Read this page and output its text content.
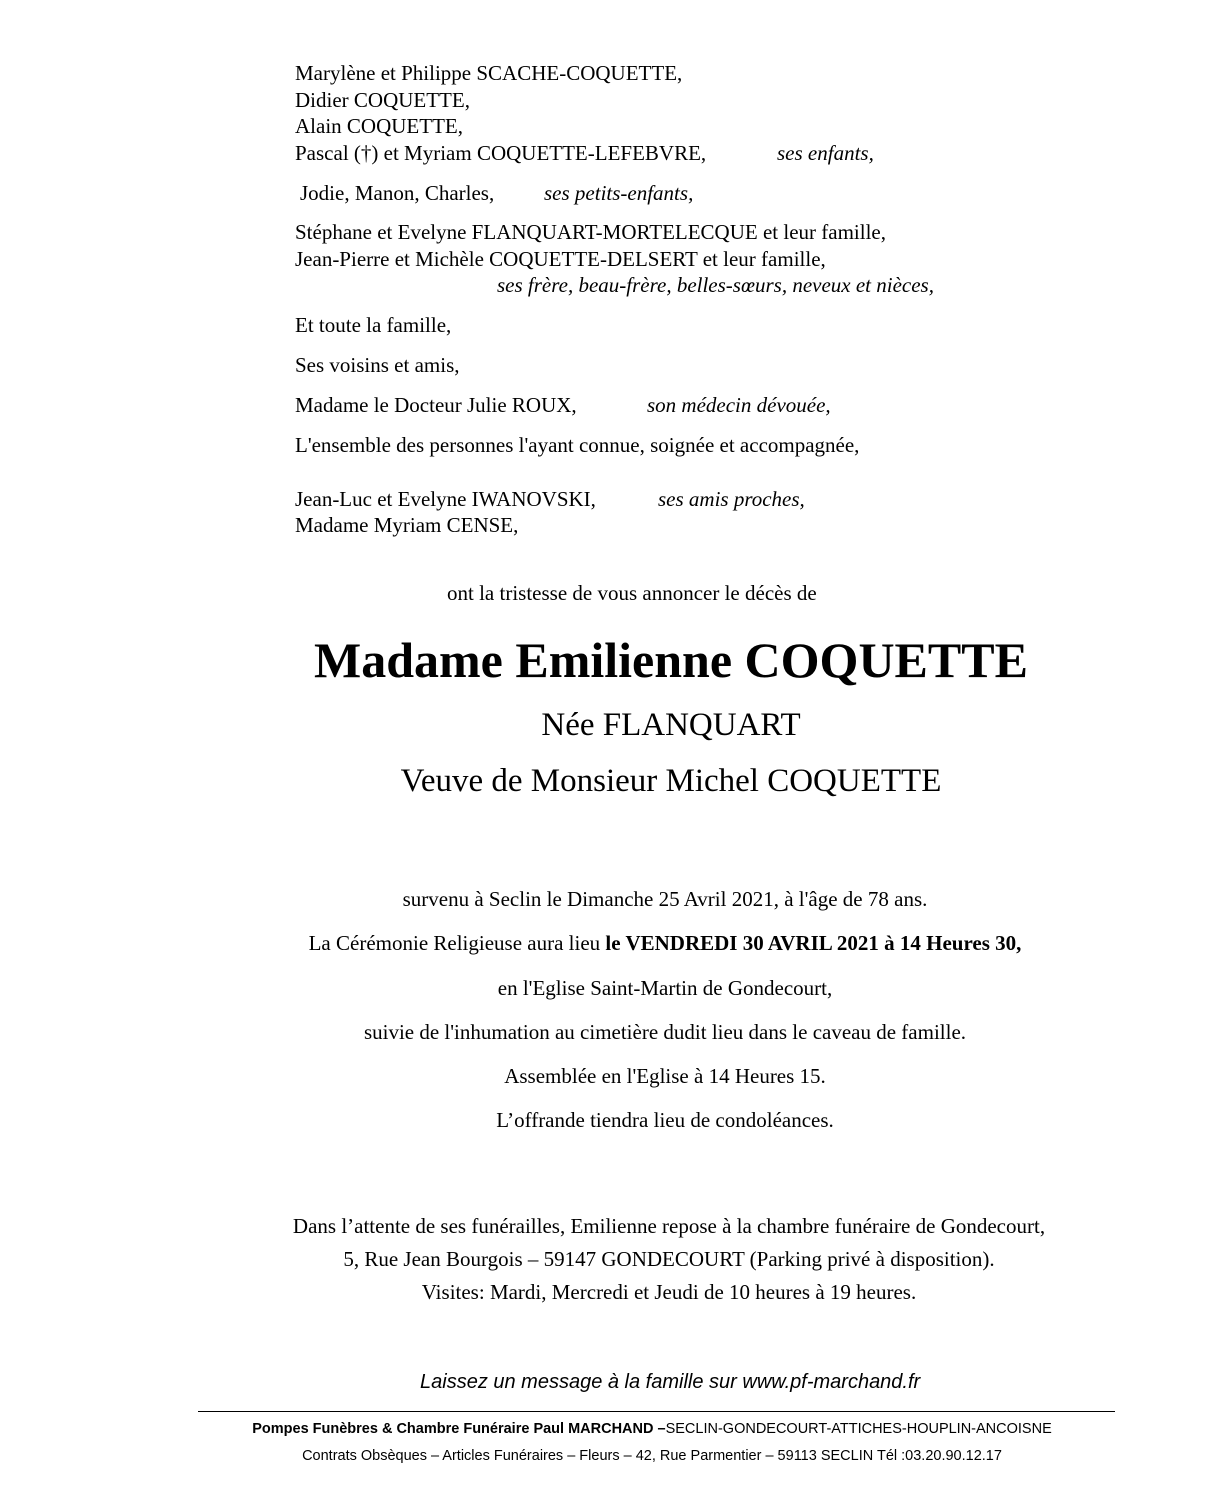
Marylène et Philippe SCACHE-COQUETTE,
Didier COQUETTE,
Alain COQUETTE,
Pascal (†) et Myriam COQUETTE-LEFEBVRE,	ses enfants,
Jodie, Manon, Charles, ses petits-enfants,
Stéphane et Evelyne FLANQUART-MORTELECQUE et leur famille,
Jean-Pierre et Michèle COQUETTE-DELSERT et leur famille,
ses frère, beau-frère, belles-sœurs, neveux et nièces,
Et toute la famille,
Ses voisins et amis,
Madame le Docteur Julie ROUX,	son médecin dévouée,
L'ensemble des personnes l'ayant connue, soignée et accompagnée,
Jean-Luc et Evelyne IWANOVSKI,	ses amis proches,
Madame Myriam CENSE,
ont la tristesse de vous annoncer le décès de
Madame Emilienne COQUETTE
Née FLANQUART
Veuve de Monsieur Michel COQUETTE
survenu à Seclin le Dimanche 25 Avril 2021, à l'âge de 78 ans.
La Cérémonie Religieuse aura lieu le VENDREDI 30 AVRIL 2021 à 14 Heures 30,
en l'Eglise Saint-Martin de Gondecourt,
suivie de l'inhumation au cimetière dudit lieu dans le caveau de famille.
Assemblée en l'Eglise à 14 Heures 15.
L’offrande tiendra lieu de condoléances.
Dans l’attente de ses funérailles, Emilienne repose à la chambre funéraire de Gondecourt,
5, Rue Jean Bourgois – 59147 GONDECOURT (Parking privé à disposition).
Visites: Mardi, Mercredi et Jeudi de 10 heures à 19 heures.
Laissez un message à la famille sur www.pf-marchand.fr
Pompes Funèbres & Chambre Funéraire Paul MARCHAND –SECLIN-GONDECOURT-ATTICHES-HOUPLIN-ANCOISNE
Contrats Obsèques – Articles Funéraires – Fleurs – 42, Rue Parmentier – 59113 SECLIN Tél :03.20.90.12.17
